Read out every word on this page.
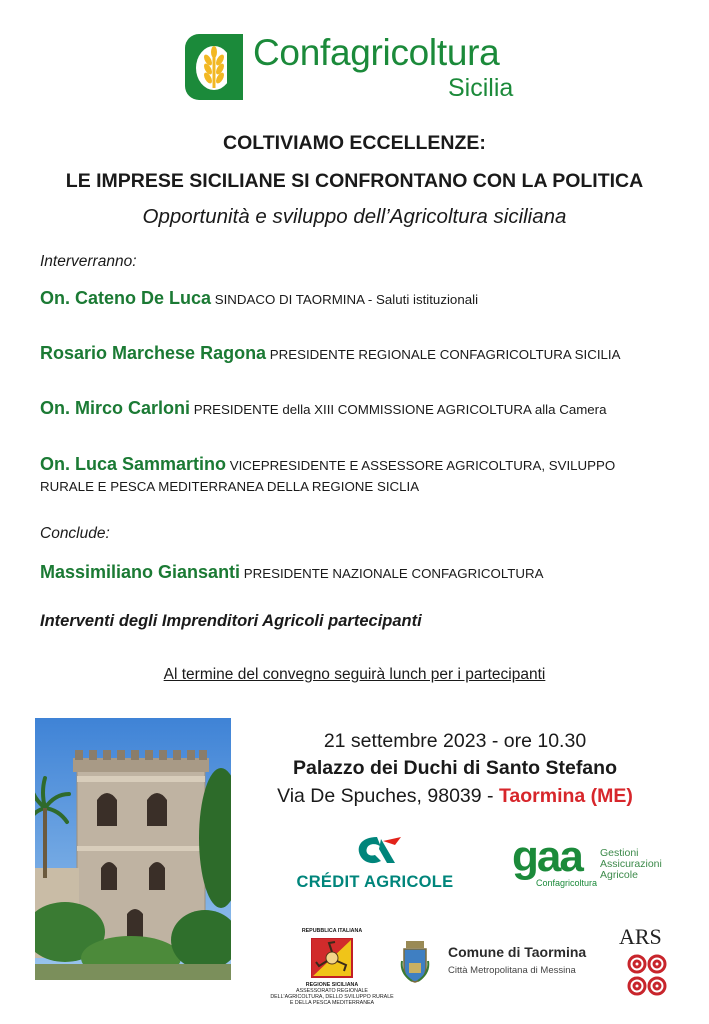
Confagricoltura
Sicilia
COLTIVIAMO ECCELLENZE:
LE IMPRESE SICILIANE SI CONFRONTANO CON LA POLITICA
Opportunità e sviluppo dell’Agricoltura siciliana
Interverranno:
On. Cateno De Luca SINDACO DI TAORMINA - Saluti istituzionali
Rosario Marchese Ragona PRESIDENTE REGIONALE CONFAGRICOLTURA SICILIA
On. Mirco Carloni PRESIDENTE della XIII COMMISSIONE AGRICOLTURA alla Camera
On. Luca Sammartino VICEPRESIDENTE E ASSESSORE AGRICOLTURA, SVILUPPO RURALE E PESCA MEDITERRANEA DELLA REGIONE SICLIA
Conclude:
Massimiliano Giansanti PRESIDENTE NAZIONALE CONFAGRICOLTURA
Interventi degli Imprenditori Agricoli partecipanti
Al termine del convegno seguirà lunch per i partecipanti
21 settembre 2023 - ore 10.30
Palazzo dei Duchi di Santo Stefano
Via De Spuches, 98039 - Taormina (ME)
CRÉDIT AGRICOLE
gaa
Confagricoltura
Gestioni
Assicurazioni
Agricole
REPUBBLICA ITALIANA
REGIONE SICILIANA
ASSESSORATO REGIONALE
DELL'AGRICOLTURA, DELLO SVILUPPO RURALE
E DELLA PESCA MEDITERRANEA
Comune di Taormina
Città Metropolitana di Messina
ARS
